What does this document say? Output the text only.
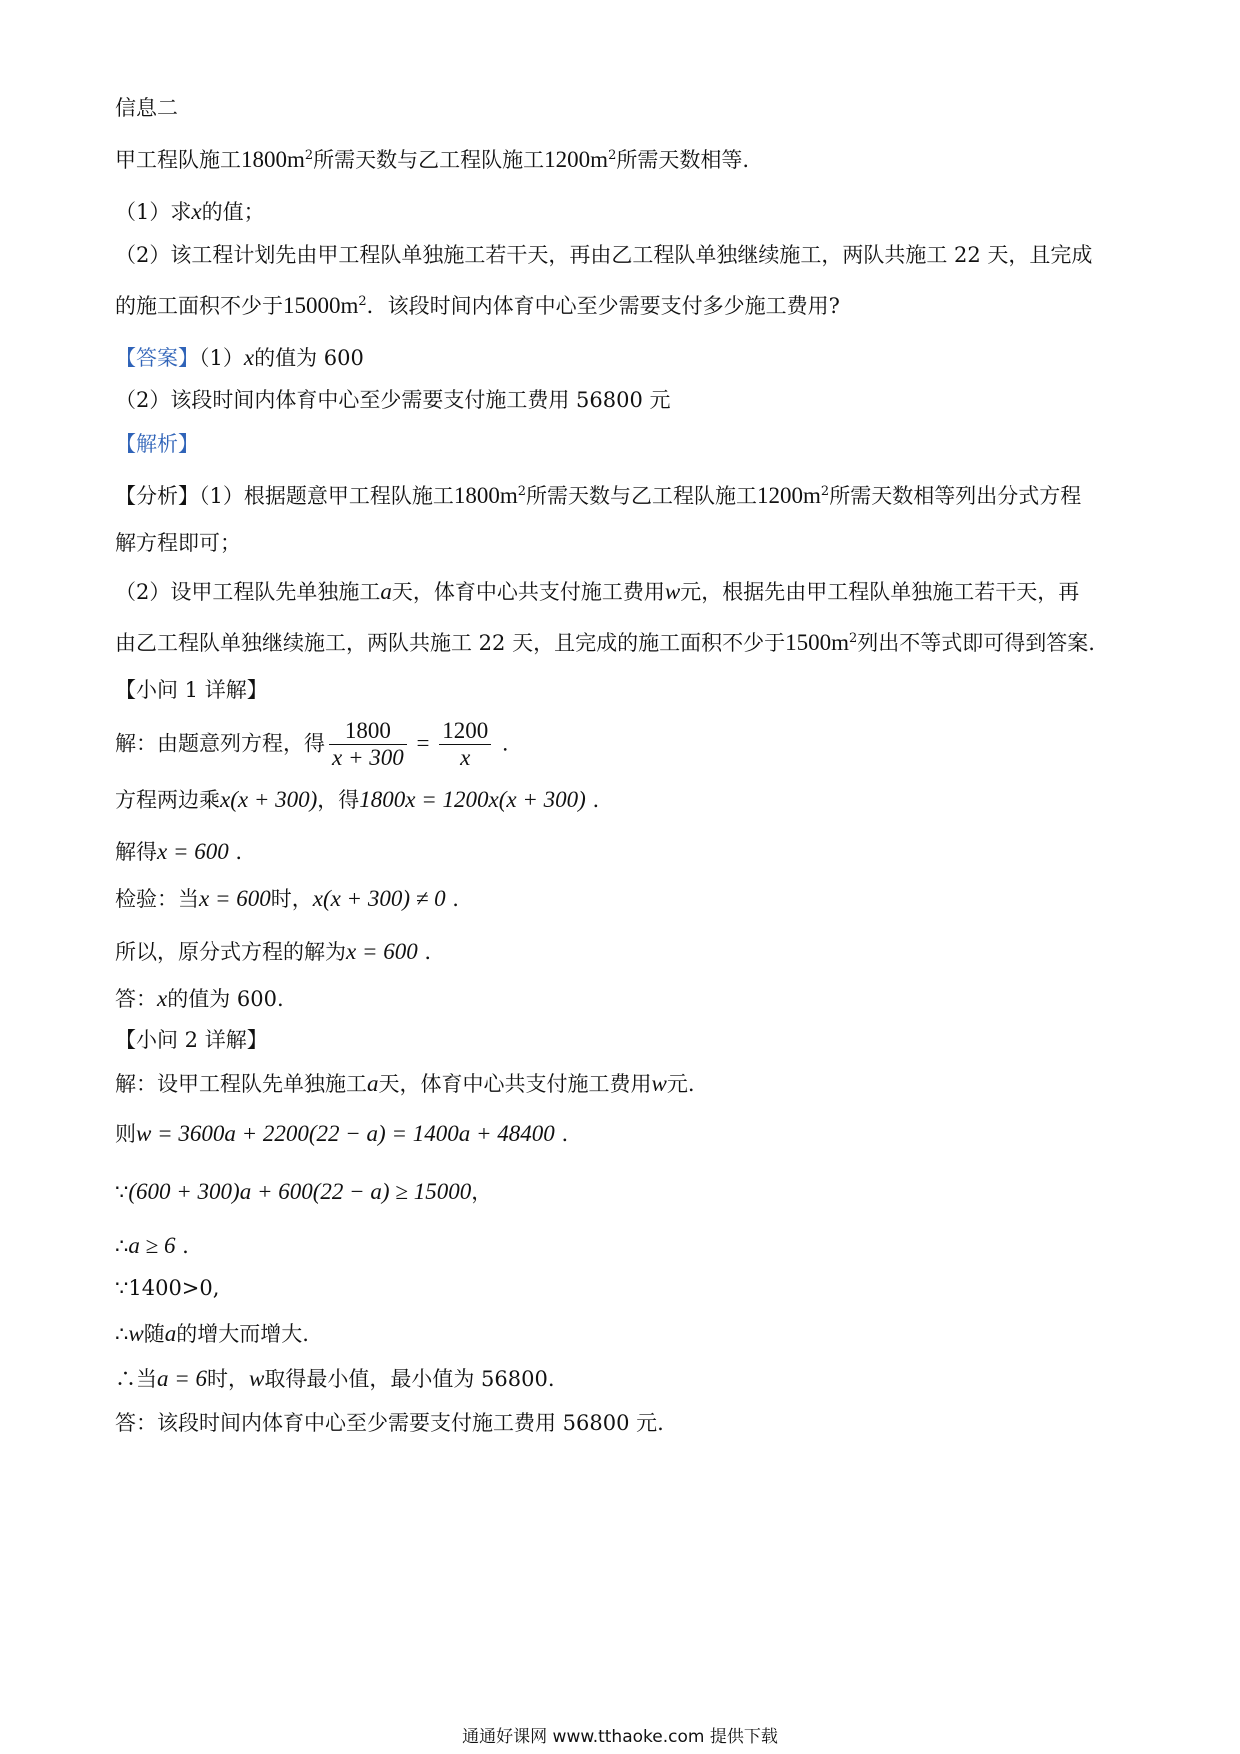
信息二
甲工程队施工$1800m^2$所需天数与乙工程队施工$1200m^2$所需天数相等.
（1）求x的值；
（2）该工程计划先由甲工程队单独施工若干天，再由乙工程队单独继续施工，两队共施工 22 天，且完成
的施工面积不少于$15000m^2$．该段时间内体育中心至少需要支付多少施工费用?
【答案】（1）x的值为 600
（2）该段时间内体育中心至少需要支付施工费用 56800 元
【解析】
【分析】（1）根据题意甲工程队施工$1800m^2$所需天数与乙工程队施工$1200m^2$所需天数相等列出分式方程
解方程即可；
（2）设甲工程队先单独施工a天，体育中心共支付施工费用w元，根据先由甲工程队单独施工若干天，再
由乙工程队单独继续施工，两队共施工 22 天，且完成的施工面积不少于$1500m^2$列出不等式即可得到答案.
【小问 1 详解】
解：由题意列方程，得 $\frac{1800}{x + 300} = \frac{1200}{x}$ .
方程两边乘x(x + 300)，得1800x = 1200x(x + 300) .
解得x = 600 .
检验：当x = 600时，x(x + 300) ≠ 0 .
所以，原分式方程的解为x = 600 .
答：x的值为 600.
【小问 2 详解】
解：设甲工程队先单独施工a天，体育中心共支付施工费用w元.
则w = 3600a + 2200(22 − a) = 1400a + 48400 .
∵(600 + 300)a + 600(22 − a) ≥ 15000，
∴a ≥ 6 .
∵1400>0,
∴w随a的增大而增大.
∴当a = 6时，w取得最小值，最小值为 56800.
答：该段时间内体育中心至少需要支付施工费用 56800 元.
通通好课网 www.tthaoke.com 提供下载
